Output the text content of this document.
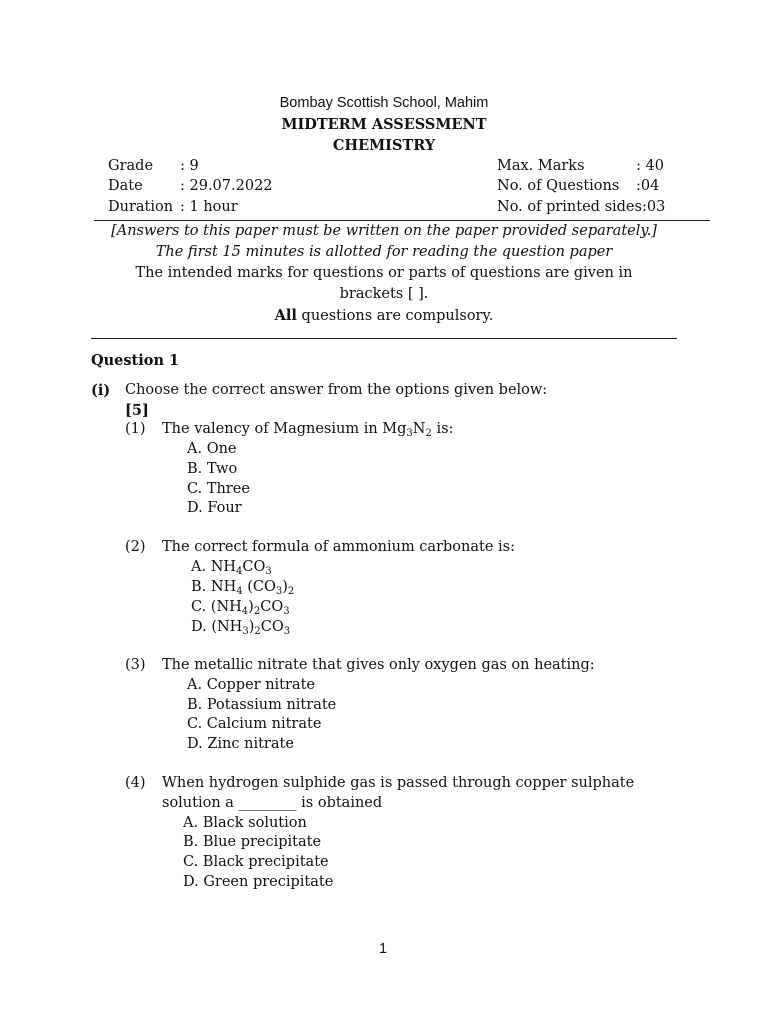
Bombay Scottish School, Mahim
MIDTERM ASSESSMENT
CHEMISTRY
Grade : 9
Date	: 29.07.2022
Duration : 1 hour
Max. Marks	: 40
No. of Questions :04
No. of printed sides:03
[Answers to this paper must be written on the paper provided separately.]
The first 15 minutes is allotted for reading the question paper
The intended marks for questions or parts of questions are given in
brackets [ ].
All questions are compulsory.
Question 1
(i) Choose the correct answer from the options given below:
[5]
(1) The valency of Magnesium in $Mg_3N_2$ is:
A. One
B. Two
C. Three
D. Four
(2) The correct formula of ammonium carbonate is:
A. $NH_4CO_3$
B. $NH_4$ $(CO_3)_2$
C. $(NH_4)_2CO_3$
D. $(NH_3)_2CO_3$
(3) The metallic nitrate that gives only oxygen gas on heating:
A. Copper nitrate
B. Potassium nitrate
C. Calcium nitrate
D. Zinc nitrate
(4) When hydrogen sulphide gas is passed through copper sulphate
solution a ________ is obtained
A. Black solution
B. Blue precipitate
C. Black precipitate
D. Green precipitate
1
